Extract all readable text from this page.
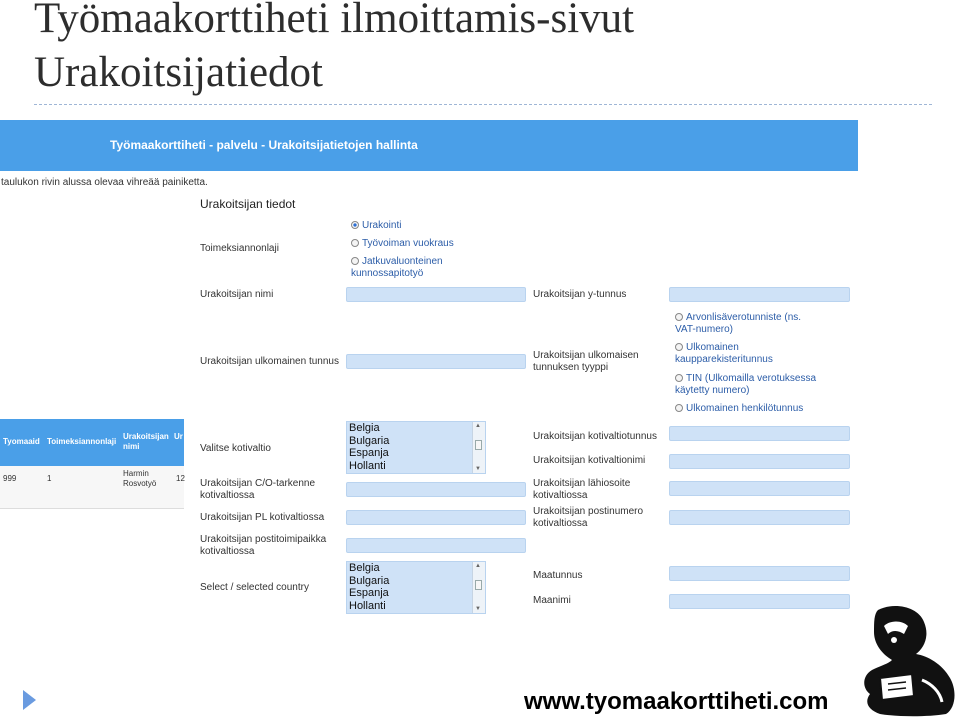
Työmaakorttiheti ilmoittamis-sivut
Urakoitsijatiedot
Työmaakorttiheti - palvelu - Urakoitsijatietojen hallinta
taulukon rivin alussa olevaa vihreää painiketta.
Urakoitsijan tiedot
Toimeksiannonlaji
Urakointi
Työvoiman vuokraus
Jatkuvaluonteinen kunnossapitotyö
Urakoitsijan nimi	Urakoitsijan y-tunnus
Urakoitsijan ulkomainen tunnus
Urakoitsijan ulkomaisen tunnuksen tyyppi
Arvonlisäverotunniste (ns. VAT-numero)
Ulkomainen kaupparekisteritunnus
TIN (Ulkomailla verotuksessa käytetty numero)
Ulkomainen henkilötunnus
Valitse kotivaltio
Belgia
Bulgaria
Espanja
Hollanti
▲
▼
Urakoitsijan kotivaltiotunnus
Urakoitsijan kotivaltionimi
Urakoitsijan C/O-tarkenne kotivaltiossa
Urakoitsijan lähiosoite kotivaltiossa
Urakoitsijan PL kotivaltiossa
Urakoitsijan postinumero kotivaltiossa
Urakoitsijan postitoimipaikka kotivaltiossa
Select / selected country
Belgia
Bulgaria
Espanja
Hollanti
▲
▼
Maatunnus
Maanimi
Tyomaaid Toimeksiannonlaji
Urakoitsijan nimi
Ur
999	1
Harmin Rosvotyö
12
www.tyomaakorttiheti.com
